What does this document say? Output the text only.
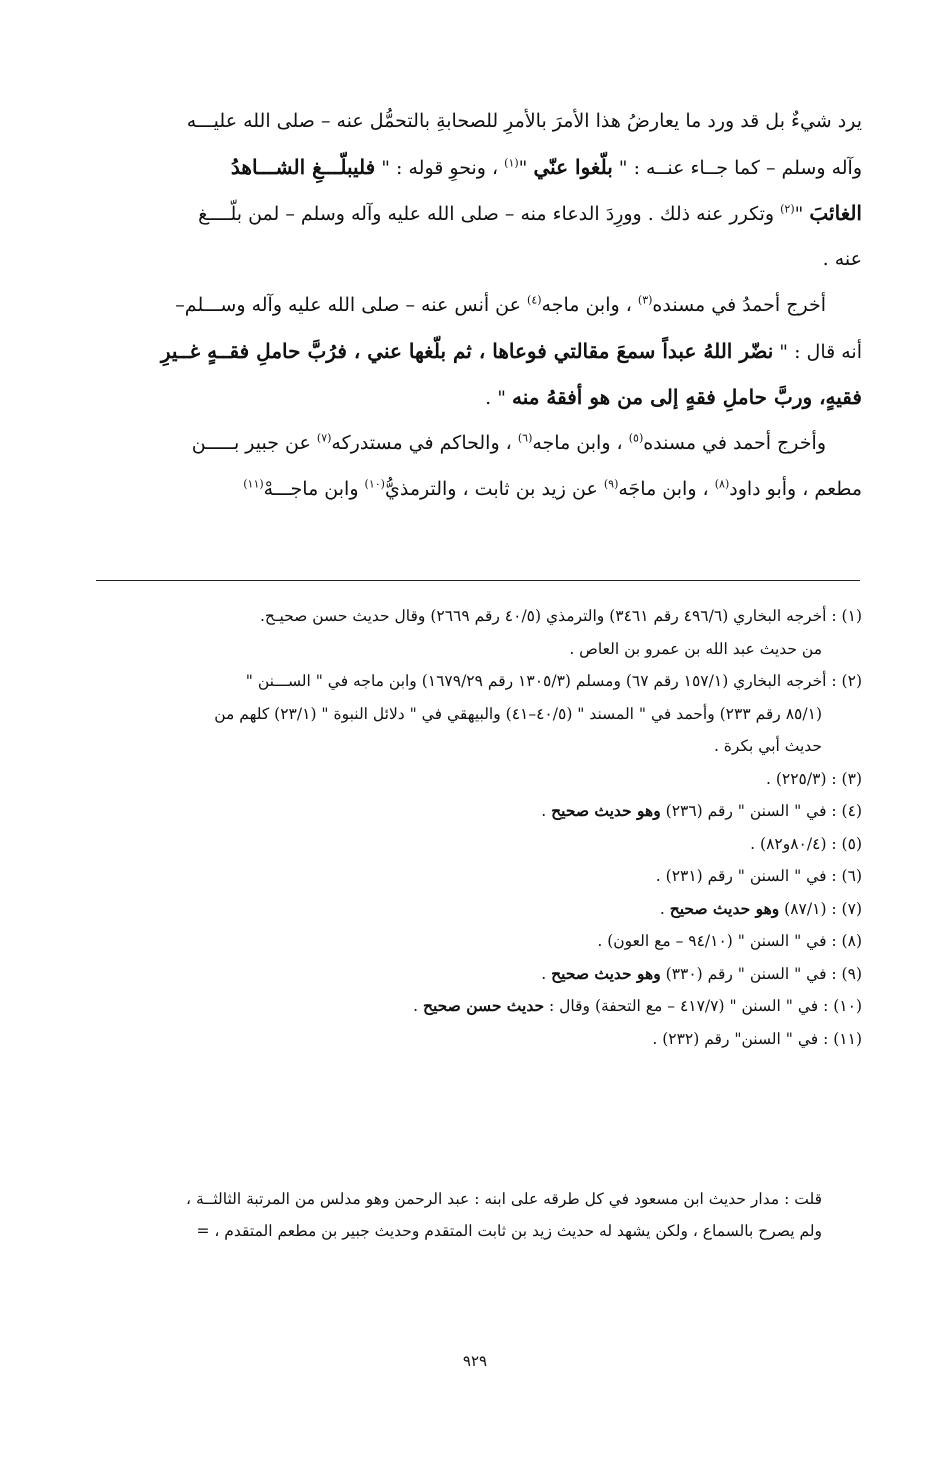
يرد شيءٌ بل قد ورد ما يعارضُ هذا الأمرَ بالأمرِ للصحابةِ بالتحمُّل عنه – صلى الله عليـــه
وآله وسلم – كما جــاء عنــه : " بلّغوا عنّي "$^{(١)}$ ، ونحوِ قوله : " فليبلّـــغِ الشـــاهدُ
الغائبَ "$^{(٢)}$ وتكرر عنه ذلك . وورِدَ الدعاء منه – صلى الله عليه وآله وسلم – لمن بلّــــغ
عنه .
أخرج أحمدُ في مسنده$^{(٣)}$ ، وابن ماجه$^{(٤)}$ عن أنس عنه – صلى الله عليه وآله وســـلم–
أنه قال : " نضّر اللهُ عبداً سمعَ مقالتي فوعاها ، ثم بلّغها عني ، فرُبَّ حاملِ فقــهٍ غــيرِ
فقيهٍ، وربَّ حاملِ فقهٍ إلى من هو أفقهُ منه " .
وأخرج أحمد في مسنده$^{(٥)}$ ، وابن ماجه$^{(٦)}$ ، والحاكم في مستدركه$^{(٧)}$ عن جبير بـــــن
مطعم ، وأبو داود$^{(٨)}$ ، وابن ماجَه$^{(٩)}$ عن زيد بن ثابت ، والترمذيُّ$^{(١٠)}$ وابن ماجـــهْ$^{(١١)}$
(١) : أخرجه البخاري (٤٩٦/٦ رقم ٣٤٦١) والترمذي (٤٠/٥ رقم ٢٦٦٩) وقال حديث حسن صحيـح.
من حديث عبد الله بن عمرو بن العاص .
(٢) : أخرجه البخاري (١٥٧/١ رقم ٦٧) ومسلم (١٣٠٥/٣ رقم ١٦٧٩/٢٩) وابن ماجه في " الســـنن "
(٨٥/١ رقم ٢٣٣) وأحمد في " المسند " (٤٠/٥–٤١) والبيهقي في " دلائل النبوة " (٢٣/١) كلهم من
حديث أبي بكرة .
(٣) : (٢٢٥/٣) .
(٤) : في " السنن " رقم (٢٣٦) وهو حديث صحيح .
(٥) : (٨٠/٤و٨٢) .
(٦) : في " السنن " رقم (٢٣١) .
(٧) : (٨٧/١) وهو حديث صحيح .
(٨) : في " السنن " (٩٤/١٠ – مع العون) .
(٩) : في " السنن " رقم (٣٣٠) وهو حديث صحيح .
(١٠) : في " السنن " (٤١٧/٧ – مع التحفة) وقال : حديث حسن صحيح .
(١١) : في " السنن" رقم (٢٣٢) .
قلت : مدار حديث ابن مسعود في كل طرقه على ابنه : عبد الرحمن وهو مدلس من المرتبة الثالثــة ،
ولم يصرح بالسماع ، ولكن يشهد له حديث زيد بن ثابت المتقدم وحديث جبير بن مطعم المتقدم ، =
٩٢٩
